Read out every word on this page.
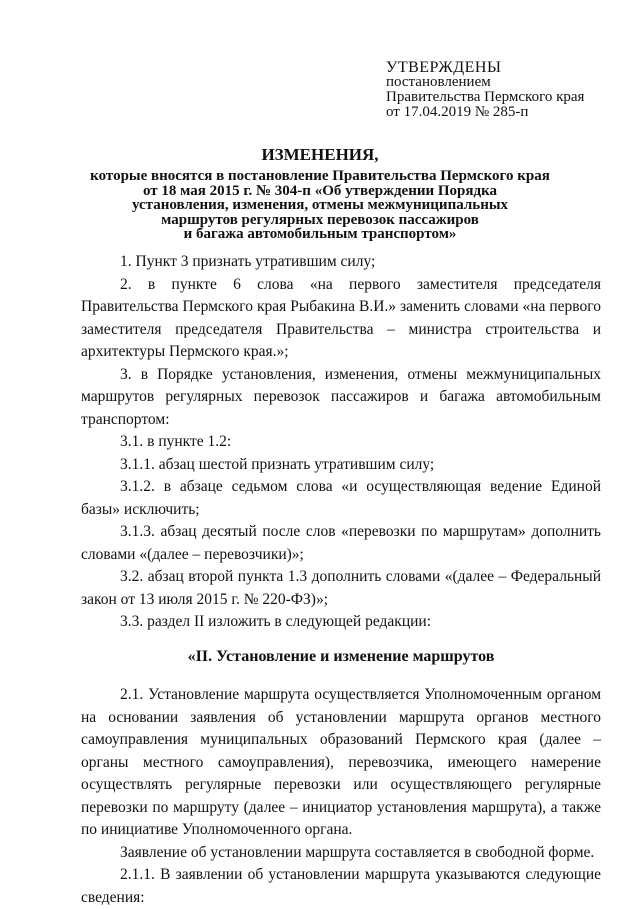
УТВЕРЖДЕНЫ
постановлением
Правительства Пермского края
от 17.04.2019 № 285-п
ИЗМЕНЕНИЯ,
которые вносятся в постановление Правительства Пермского края
от 18 мая 2015 г. № 304-п «Об утверждении Порядка
установления, изменения, отмены межмуниципальных
маршрутов регулярных перевозок пассажиров
и багажа автомобильным транспортом»

1. Пункт 3 признать утратившим силу;

2. в пункте 6 слова «на первого заместителя председателя Правительства Пермского края Рыбакина В.И.» заменить словами «на первого заместителя председателя Правительства – министра строительства и архитектуры Пермского края.»;

3. в Порядке установления, изменения, отмены межмуниципальных маршрутов регулярных перевозок пассажиров и багажа автомобильным транспортом:

3.1. в пункте 1.2:

3.1.1. абзац шестой признать утратившим силу;

3.1.2. в абзаце седьмом слова «и осуществляющая ведение Единой базы» исключить;

3.1.3. абзац десятый после слов «перевозки по маршрутам» дополнить словами «(далее – перевозчики)»;

3.2. абзац второй пункта 1.3 дополнить словами «(далее – Федеральный закон от 13 июля 2015 г. № 220-ФЗ)»;

3.3. раздел II изложить в следующей редакции:

«II. Установление и изменение маршрутов

2.1. Установление маршрута осуществляется Уполномоченным органом на основании заявления об установлении маршрута органов местного самоуправления муниципальных образований Пермского края (далее – органы местного самоуправления), перевозчика, имеющего намерение осуществлять регулярные перевозки или осуществляющего регулярные перевозки по маршруту (далее – инициатор установления маршрута), а также по инициативе Уполномоченного органа.

Заявление об установлении маршрута составляется в свободной форме.

2.1.1. В заявлении об установлении маршрута указываются следующие сведения:
